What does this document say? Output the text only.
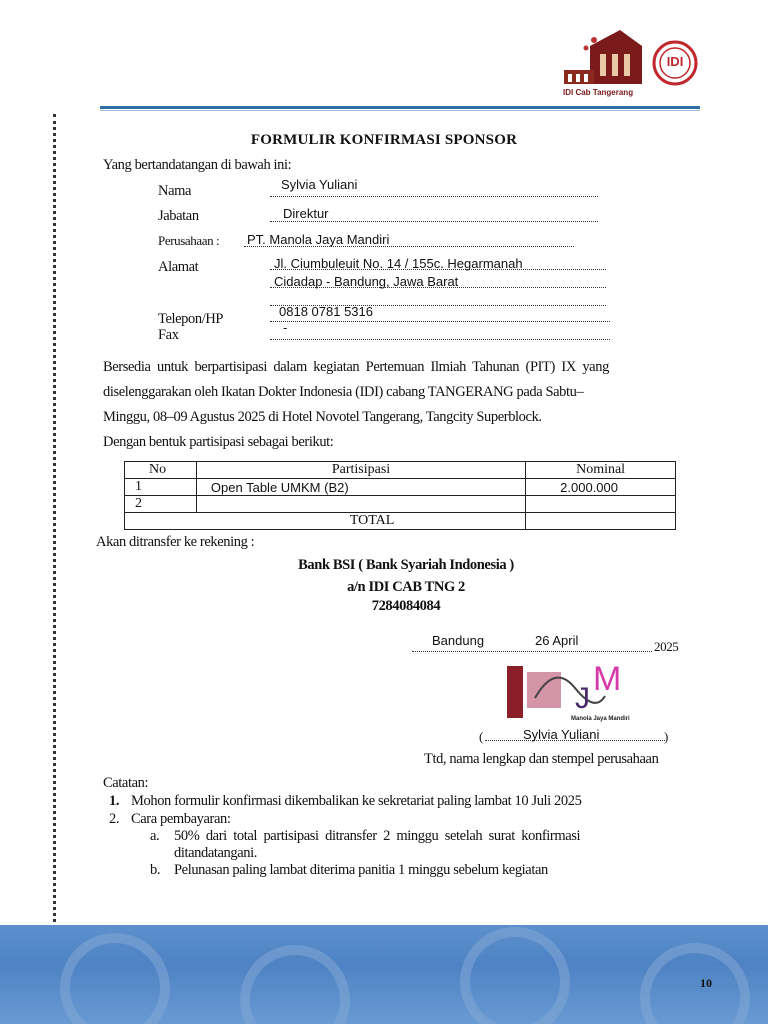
IDI Cab Tangerang
IDI
FORMULIR KONFIRMASI SPONSOR
Yang bertandatangan di bawah ini:
Nama	Sylvia Yuliani
Jabatan	Direktur
Perusahaan : PT. Manola Jaya Mandiri
Alamat	Jl. Ciumbuleuit No. 14 / 155c. Hegarmanah
Cidadap - Bandung, Jawa Barat
Telepon/HP	0818 0781 5316
Fax	-
Bersedia  untuk  berpartisipasi  dalam  kegiatan  Pertemuan  Ilmiah  Tahunan  (PIT)  IX  yang
diselenggarakan oleh Ikatan Dokter Indonesia (IDI) cabang TANGERANG pada Sabtu–
Minggu, 08–09 Agustus 2025 di Hotel Novotel Tangerang, Tangcity Superblock.
Dengan bentuk partisipasi sebagai berikut:
No	Partisipasi	Nominal
1	Open Table UMKM (B2)	2.000.000
2		
TOTAL		
Akan ditransfer ke rekening :
Bank BSI ( Bank Syariah Indonesia )
a/n IDI CAB TNG 2
7284084084
Bandung	26 April	2025
M
J
Manola Jaya Mandiri
(	Sylvia Yuliani	)
Ttd, nama lengkap dan stempel perusahaan
Catatan:
1. Mohon formulir konfirmasi dikembalikan ke sekretariat paling lambat 10 Juli 2025
2. Cara pembayaran:
a. 50%  dari  total  partisipasi  ditransfer  2  minggu  setelah  surat  konfirmasi
ditandatangani.
b. Pelunasan paling lambat diterima panitia 1 minggu sebelum kegiatan
10
